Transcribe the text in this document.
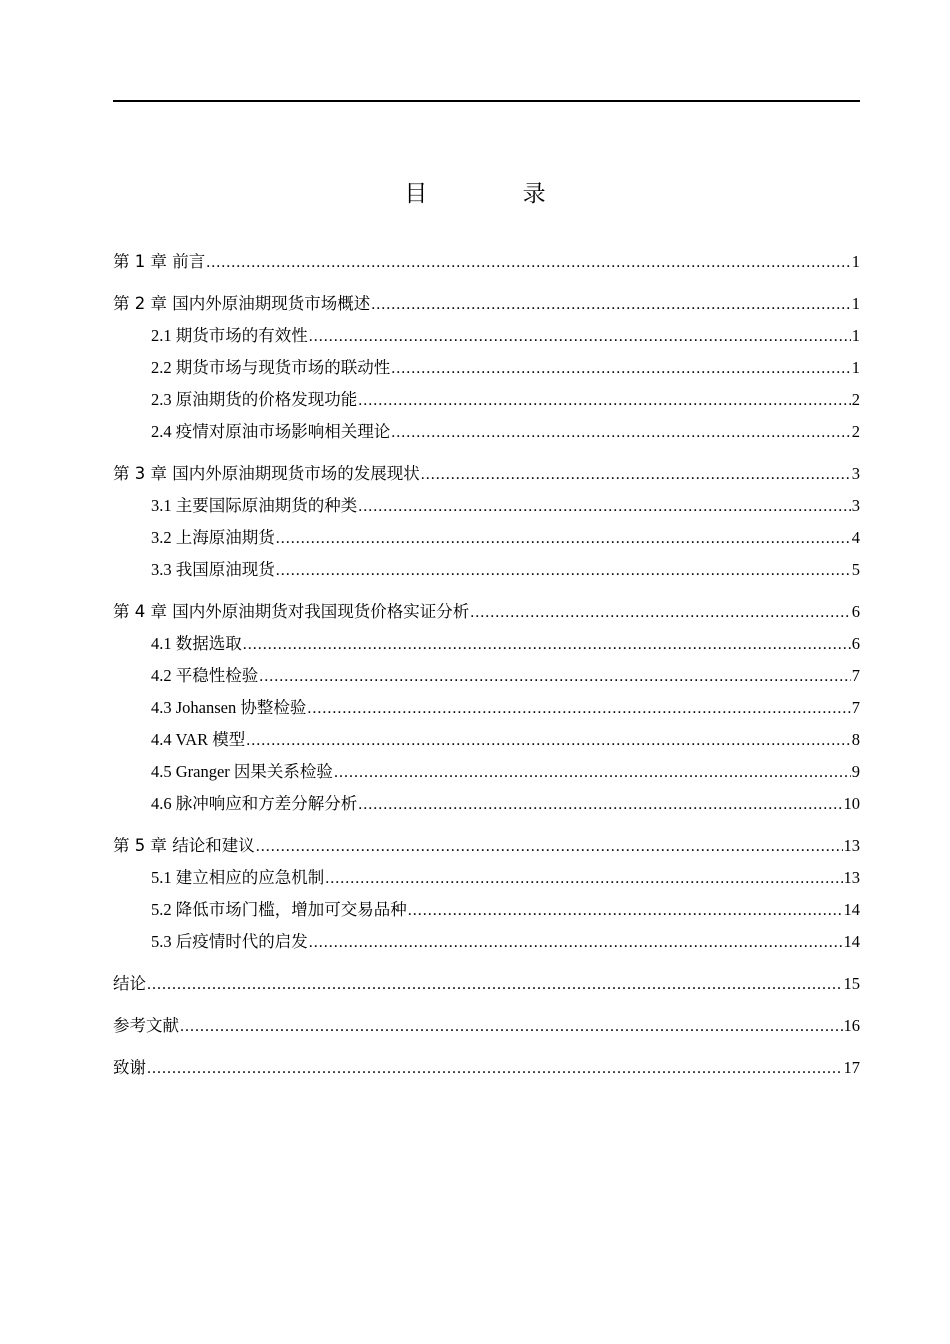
目 录
第 1 章 前言 .....	1
第 2 章 国内外原油期现货市场概述 .....	1
2.1 期货市场的有效性 .....	1
2.2 期货市场与现货市场的联动性 .....	1
2.3 原油期货的价格发现功能 .....	2
2.4 疫情对原油市场影响相关理论 .....	2
第 3 章 国内外原油期现货市场的发展现状 .....	3
3.1 主要国际原油期货的种类 .....	3
3.2 上海原油期货 .....	4
3.3 我国原油现货 .....	5
第 4 章 国内外原油期货对我国现货价格实证分析 .....	6
4.1 数据选取 .....	6
4.2 平稳性检验 .....	7
4.3 Johansen 协整检验 .....	7
4.4 VAR 模型 .....	8
4.5 Granger 因果关系检验 .....	9
4.6 脉冲响应和方差分解分析 .....	10
第 5 章 结论和建议 .....	13
5.1 建立相应的应急机制 .....	13
5.2 降低市场门槛，增加可交易品种 .....	14
5.3 后疫情时代的启发 .....	14
结论 .....	15
参考文献 .....	16
致谢 .....	17
